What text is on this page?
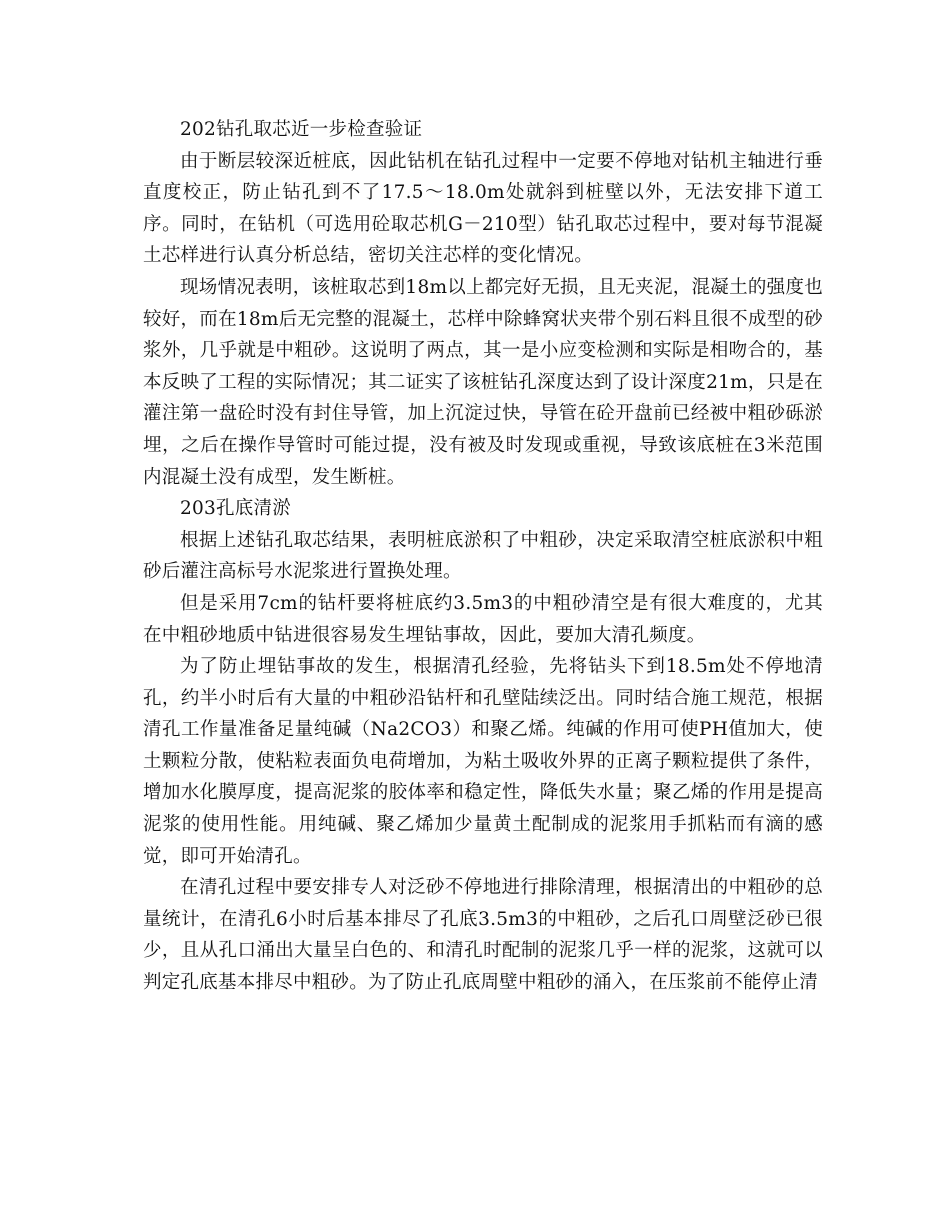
202钻孔取芯近一步检查验证

由于断层较深近桩底，因此钻机在钻孔过程中一定要不停地对钻机主轴进行垂直度校正，防止钻孔到不了17.5～18.0m处就斜到桩壁以外，无法安排下道工序。同时，在钻机（可选用砼取芯机G－210型）钻孔取芯过程中，要对每节混凝土芯样进行认真分析总结，密切关注芯样的变化情况。

现场情况表明，该桩取芯到18m以上都完好无损，且无夹泥，混凝土的强度也较好，而在18m后无完整的混凝土，芯样中除蜂窝状夹带个别石料且很不成型的砂浆外，几乎就是中粗砂。这说明了两点，其一是小应变检测和实际是相吻合的，基本反映了工程的实际情况；其二证实了该桩钻孔深度达到了设计深度21m，只是在灌注第一盘砼时没有封住导管，加上沉淀过快，导管在砼开盘前已经被中粗砂砾淤埋，之后在操作导管时可能过提，没有被及时发现或重视，导致该底桩在3米范围内混凝土没有成型，发生断桩。

203孔底清淤

根据上述钻孔取芯结果，表明桩底淤积了中粗砂，决定采取清空桩底淤积中粗砂后灌注高标号水泥浆进行置换处理。

但是采用7cm的钻杆要将桩底约3.5m3的中粗砂清空是有很大难度的，尤其在中粗砂地质中钻进很容易发生埋钻事故，因此，要加大清孔频度。

为了防止埋钻事故的发生，根据清孔经验，先将钻头下到18.5m处不停地清孔，约半小时后有大量的中粗砂沿钻杆和孔壁陆续泛出。同时结合施工规范，根据清孔工作量准备足量纯碱（Na2CO3）和聚乙烯。纯碱的作用可使PH值加大，使土颗粒分散，使粘粒表面负电荷增加，为粘土吸收外界的正离子颗粒提供了条件，增加水化膜厚度，提高泥浆的胶体率和稳定性，降低失水量；聚乙烯的作用是提高泥浆的使用性能。用纯碱、聚乙烯加少量黄土配制成的泥浆用手抓粘而有滴的感觉，即可开始清孔。

在清孔过程中要安排专人对泛砂不停地进行排除清理，根据清出的中粗砂的总量统计，在清孔6小时后基本排尽了孔底3.5m3的中粗砂，之后孔口周壁泛砂已很少，且从孔口涌出大量呈白色的、和清孔时配制的泥浆几乎一样的泥浆，这就可以判定孔底基本排尽中粗砂。为了防止孔底周壁中粗砂的涌入，在压浆前不能停止清
